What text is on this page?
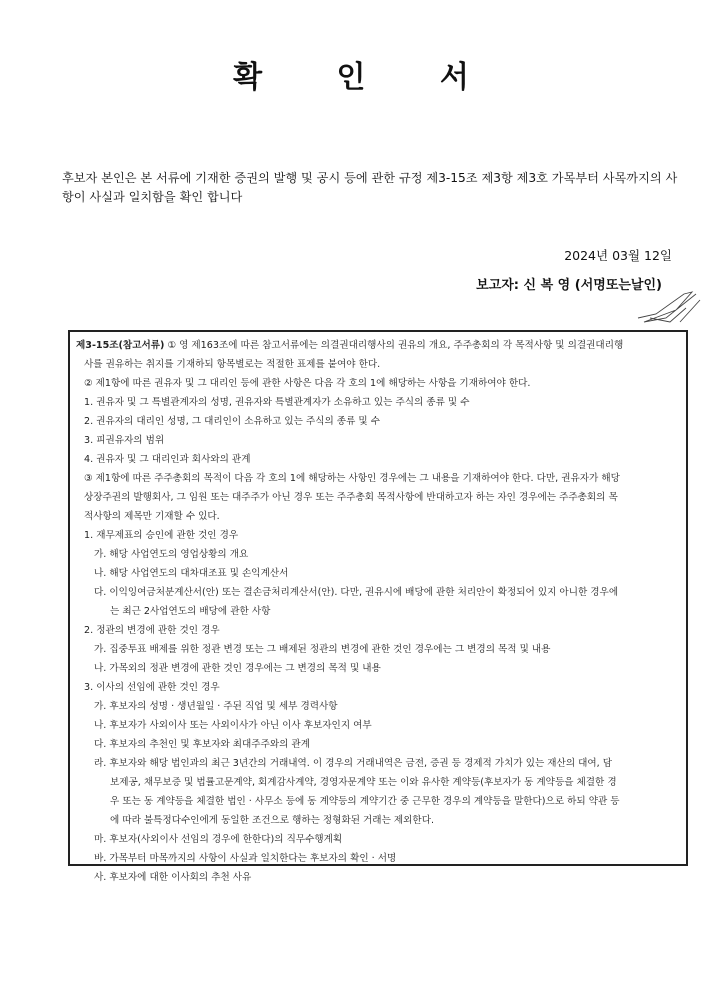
확 인 서
후보자 본인은 본 서류에 기재한 증권의 발행 및 공시 등에 관한 규정 제3-15조 제3항 제3호 가목부터 사목까지의 사항이 사실과 일치함을 확인 합니다
2024년 03월 12일
보고자: 신 복 영 (서명또는날인)
제3-15조(참고서류) ① 영 제163조에 따른 참고서류에는 의결권대리행사의 권유의 개요, 주주총회의 각 목적사항 및 의결권대리행
사를 권유하는 취지를 기재하되 항목별로는 적절한 표제를 붙여야 한다.
② 제1항에 따른 권유자 및 그 대리인 등에 관한 사항은 다음 각 호의 1에 해당하는 사항을 기재하여야 한다.
1. 권유자 및 그 특별관계자의 성명, 권유자와 특별관계자가 소유하고 있는 주식의 종류 및 수
2. 권유자의 대리인 성명, 그 대리인이 소유하고 있는 주식의 종류 및 수
3. 피권유자의 범위
4. 권유자 및 그 대리인과 회사와의 관계
③ 제1항에 따른 주주총회의 목적이 다음 각 호의 1에 해당하는 사항인 경우에는 그 내용을 기재하여야 한다. 다만, 권유자가 해당
상장주권의 발행회사, 그 임원 또는 대주주가 아닌 경우 또는 주주총회 목적사항에 반대하고자 하는 자인 경우에는 주주총회의 목
적사항의 제목만 기재할 수 있다.
1. 재무제표의 승인에 관한 것인 경우
가. 해당 사업연도의 영업상황의 개요
나. 해당 사업연도의 대차대조표 및 손익계산서
다. 이익잉여금처분계산서(안) 또는 결손금처리계산서(안). 다만, 권유시에 배당에 관한 처리안이 확정되어 있지 아니한 경우에
는 최근 2사업연도의 배당에 관한 사항
2. 정관의 변경에 관한 것인 경우
가. 집중투표 배제를 위한 정관 변경 또는 그 배제된 정관의 변경에 관한 것인 경우에는 그 변경의 목적 및 내용
나. 가목외의 정관 변경에 관한 것인 경우에는 그 변경의 목적 및 내용
3. 이사의 선임에 관한 것인 경우
가. 후보자의 성명 · 생년월일 · 주된 직업 및 세부 경력사항
나. 후보자가 사외이사 또는 사외이사가 아닌 이사 후보자인지 여부
다. 후보자의 추천인 및 후보자와 최대주주와의 관계
라. 후보자와 해당 법인과의 최근 3년간의 거래내역. 이 경우의 거래내역은 금전, 증권 등 경제적 가치가 있는 재산의 대여, 담
보제공, 채무보증 및 법률고문계약, 회계감사계약, 경영자문계약 또는 이와 유사한 계약등(후보자가 동 계약등을 체결한 경
우 또는 동 계약등을 체결한 법인 · 사무소 등에 동 계약등의 계약기간 중 근무한 경우의 계약등을 말한다)으로 하되 약관 등
에 따라 불특정다수인에게 동일한 조건으로 행하는 정형화된 거래는 제외한다.
마. 후보자(사외이사 선임의 경우에 한한다)의 직무수행계획
바. 가목부터 마목까지의 사항이 사실과 일치한다는 후보자의 확인 · 서명
사. 후보자에 대한 이사회의 추천 사유
